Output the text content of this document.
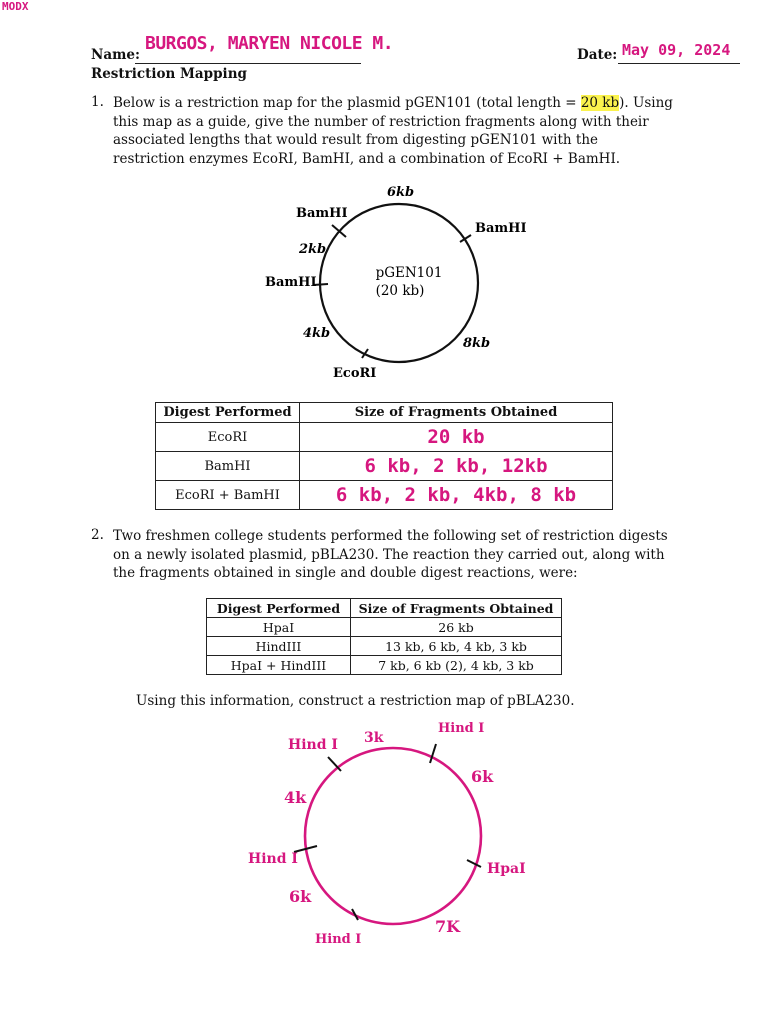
MODX
Name:
BURGOS, MARYEN NICOLE M.
Date: May 09, 2024
Restriction Mapping
1. Below is a restriction map for the plasmid pGEN101 (total length = 20 kb). Using this map as a guide, give the number of restriction fragments along with their associated lengths that would result from digesting pGEN101 with the restriction enzymes EcoRI, BamHI, and a combination of EcoRI + BamHI.
pGEN101
(20 kb)
BamHI
BamHI
BamHI
EcoRI
6kb
2kb
4kb
8kb
Digest Performed	Size of Fragments Obtained
EcoRI	20 kb
BamHI	6 kb, 2 kb, 12kb
EcoRI + BamHI	6 kb, 2 kb, 4kb, 8 kb
2. Two freshmen college students performed the following set of restriction digests on a newly isolated plasmid, pBLA230. The reaction they carried out, along with the fragments obtained in single and double digest reactions, were:
Digest Performed	Size of Fragments Obtained
HpaI	26 kb
HindIII	13 kb, 6 kb, 4 kb, 3 kb
HpaI + HindIII	7 kb, 6 kb (2), 4 kb, 3 kb
Using this information, construct a restriction map of pBLA230.
Hind I 3k
Hind I
6k
HpaI
7K
Hind I
6k
Hind I
4k
